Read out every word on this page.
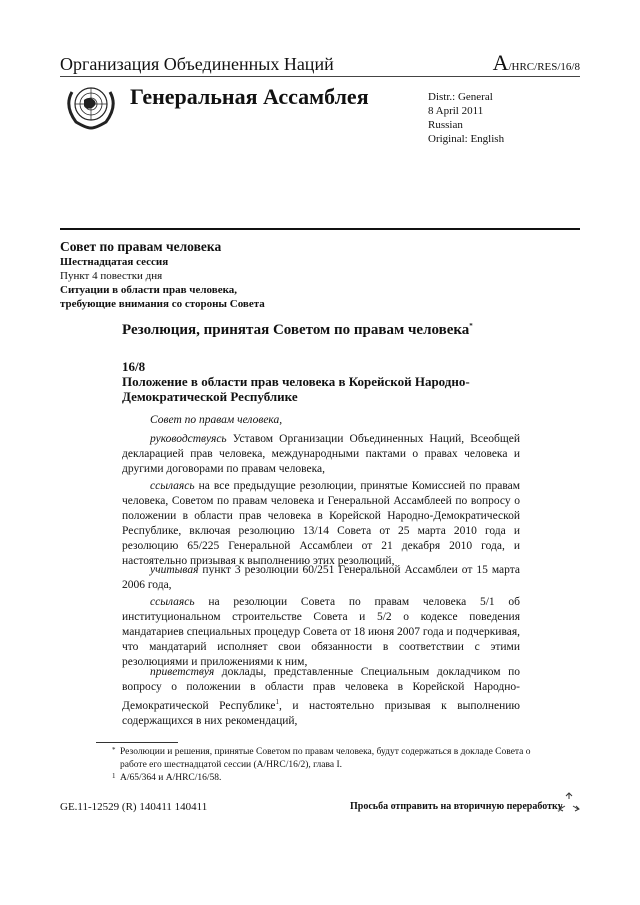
Организация Объединенных Наций	A/HRC/RES/16/8
Генеральная Ассамблея	Distr.: General
8 April 2011
Russian
Original: English
Совет по правам человека
Шестнадцатая сессия
Пункт 4 повестки дня
Ситуации в области прав человека,
требующие внимания со стороны Совета
Резолюция, принятая Советом по правам человека*
16/8
Положение в области прав человека в Корейской Народно-Демократической Республике
Совет по правам человека,
руководствуясь Уставом Организации Объединенных Наций, Всеобщей декларацией прав человека, международными пактами о правах человека и другими договорами по правам человека,
ссылаясь на все предыдущие резолюции, принятые Комиссией по правам человека, Советом по правам человека и Генеральной Ассамблеей по вопросу о положении в области прав человека в Корейской Народно-Демократической Республике, включая резолюцию 13/14 Совета от 25 марта 2010 года и резолюцию 65/225 Генеральной Ассамблеи от 21 декабря 2010 года, и настоятельно призывая к выполнению этих резолюций,
учитывая пункт 3 резолюции 60/251 Генеральной Ассамблеи от 15 марта 2006 года,
ссылаясь на резолюции Совета по правам человека 5/1 об институциональном строительстве Совета и 5/2 о кодексе поведения мандатариев специальных процедур Совета от 18 июня 2007 года и подчеркивая, что мандатарий исполняет свои обязанности в соответствии с этими резолюциями и приложениями к ним,
приветствуя доклады, представленные Специальным докладчиком по вопросу о положении в области прав человека в Корейской Народно-Демократической Республике$^1$, и настоятельно призывая к выполнению содержащихся в них рекомендаций,
* Резолюции и решения, принятые Советом по правам человека, будут содержаться в докладе Совета о работе его шестнадцатой сессии (A/HRC/16/2), глава I.
1 A/65/364 и A/HRC/16/58.
GE.11-12529 (R) 140411 140411	Просьба отправить на вторичную переработку
